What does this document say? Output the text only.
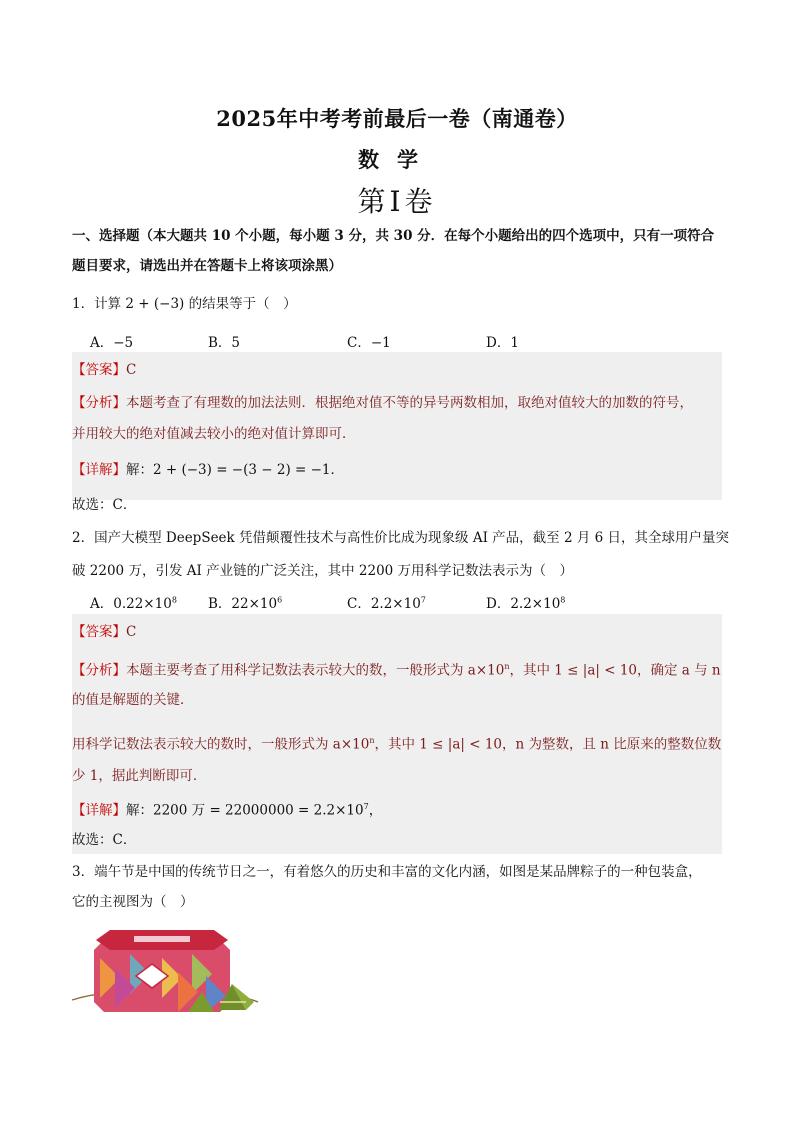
2025年中考考前最后一卷（南通卷）
数学
第Ⅰ卷
一、选择题（本大题共 10 个小题，每小题 3 分，共 30 分．在每个小题给出的四个选项中，只有一项符合
题目要求，请选出并在答题卡上将该项涂黑）
1．计算 2 + (−3) 的结果等于（　）
A．−5	B．5	C．−1	D．1
【答案】C
【分析】本题考查了有理数的加法法则．根据绝对值不等的异号两数相加，取绝对值较大的加数的符号，
并用较大的绝对值减去较小的绝对值计算即可．
【详解】解：2 + (−3) = −(3 − 2) = −1．
故选：C．
2．国产大模型 DeepSeek 凭借颠覆性技术与高性价比成为现象级 AI 产品，截至 2 月 6 日，其全球用户量突
破 2200 万，引发 AI 产业链的广泛关注，其中 2200 万用科学记数法表示为（　）
A．$0.22\times 10^8$ B．$22\times 10^6$	C．$2.2\times 10^7$	D．$2.2\times 10^8$
【答案】C
【分析】本题主要考查了用科学记数法表示较大的数，一般形式为 $a\times 10^n$，其中 1 ≤ |a| < 10，确定 a 与 n
的值是解题的关键．
用科学记数法表示较大的数时，一般形式为 $a\times 10^n$，其中 1 ≤ |a| < 10，n 为整数，且 n 比原来的整数位数
少 1，据此判断即可．
【详解】解：2200 万 = $22000000 = 2.2\times 10^7$，
故选：C．
3．端午节是中国的传统节日之一，有着悠久的历史和丰富的文化内涵，如图是某品牌粽子的一种包装盒，
它的主视图为（　）
